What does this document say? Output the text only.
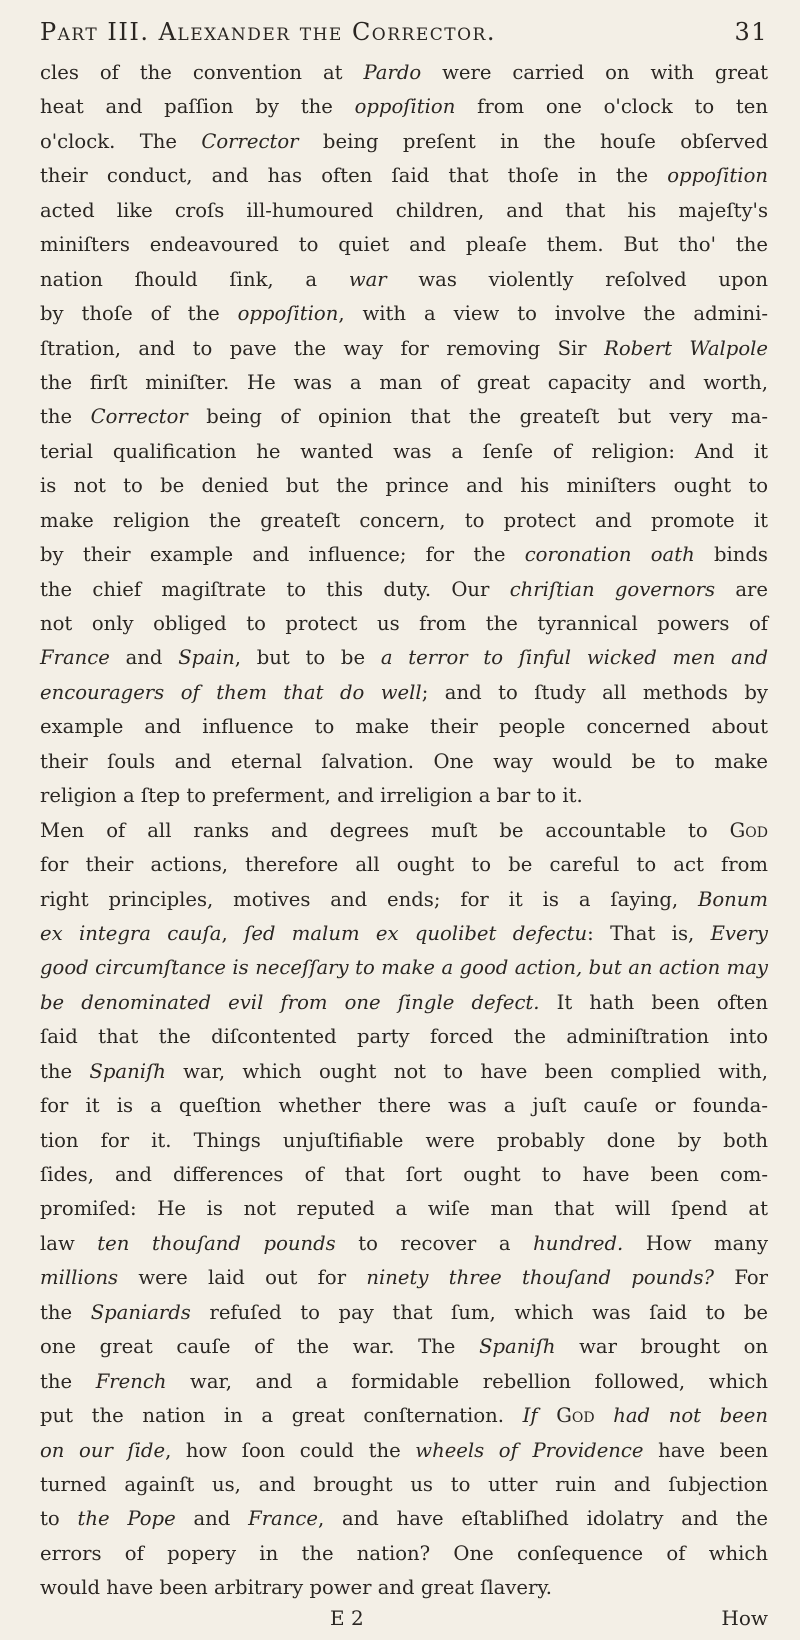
Part III. Alexander the Corrector.	31
cles of the convention at Pardo were carried on with great
heat and paſſion by the oppoſition from one o'clock to ten
o'clock. The Corrector being preſent in the houſe obſerved
their conduct, and has often ſaid that thoſe in the oppoſition
acted like croſs ill-humoured children, and that his majeſty's
miniſters endeavoured to quiet and pleaſe them. But tho' the
nation ſhould ſink, a war was violently reſolved upon
by thoſe of the oppoſition, with a view to involve the admini-
ſtration, and to pave the way for removing Sir Robert Walpole
the firſt miniſter. He was a man of great capacity and worth,
the Corrector being of opinion that the greateſt but very ma-
terial qualification he wanted was a ſenſe of religion: And it
is not to be denied but the prince and his miniſters ought to
make religion the greateſt concern, to protect and promote it
by their example and influence; for the coronation oath binds
the chief magiſtrate to this duty. Our chriſtian governors are
not only obliged to protect us from the tyrannical powers of
France and Spain, but to be a terror to ſinful wicked men and
encouragers of them that do well; and to ſtudy all methods by
example and influence to make their people concerned about
their ſouls and eternal ſalvation. One way would be to make
religion a ſtep to preferment, and irreligion a bar to it.
Men of all ranks and degrees muſt be accountable to God
for their actions, therefore all ought to be careful to act from
right principles, motives and ends; for it is a ſaying, Bonum
ex integra cauſa, ſed malum ex quolibet defectu: That is, Every
good circumſtance is neceſſary to make a good action, but an action may
be denominated evil from one ſingle defect. It hath been often
ſaid that the diſcontented party forced the adminiſtration into
the Spaniſh war, which ought not to have been complied with,
for it is a queſtion whether there was a juſt cauſe or founda-
tion for it. Things unjuſtifiable were probably done by both
ſides, and differences of that ſort ought to have been com-
promiſed: He is not reputed a wiſe man that will ſpend at
law ten thouſand pounds to recover a hundred. How many
millions were laid out for ninety three thouſand pounds? For
the Spaniards refuſed to pay that ſum, which was ſaid to be
one great cauſe of the war. The Spaniſh war brought on
the French war, and a formidable rebellion followed, which
put the nation in a great conſternation. If God had not been
on our ſide, how ſoon could the wheels of Providence have been
turned againſt us, and brought us to utter ruin and ſubjection
to the Pope and France, and have eſtabliſhed idolatry and the
errors of popery in the nation? One conſequence of which
would have been arbitrary power and great ſlavery.
E 2	How
